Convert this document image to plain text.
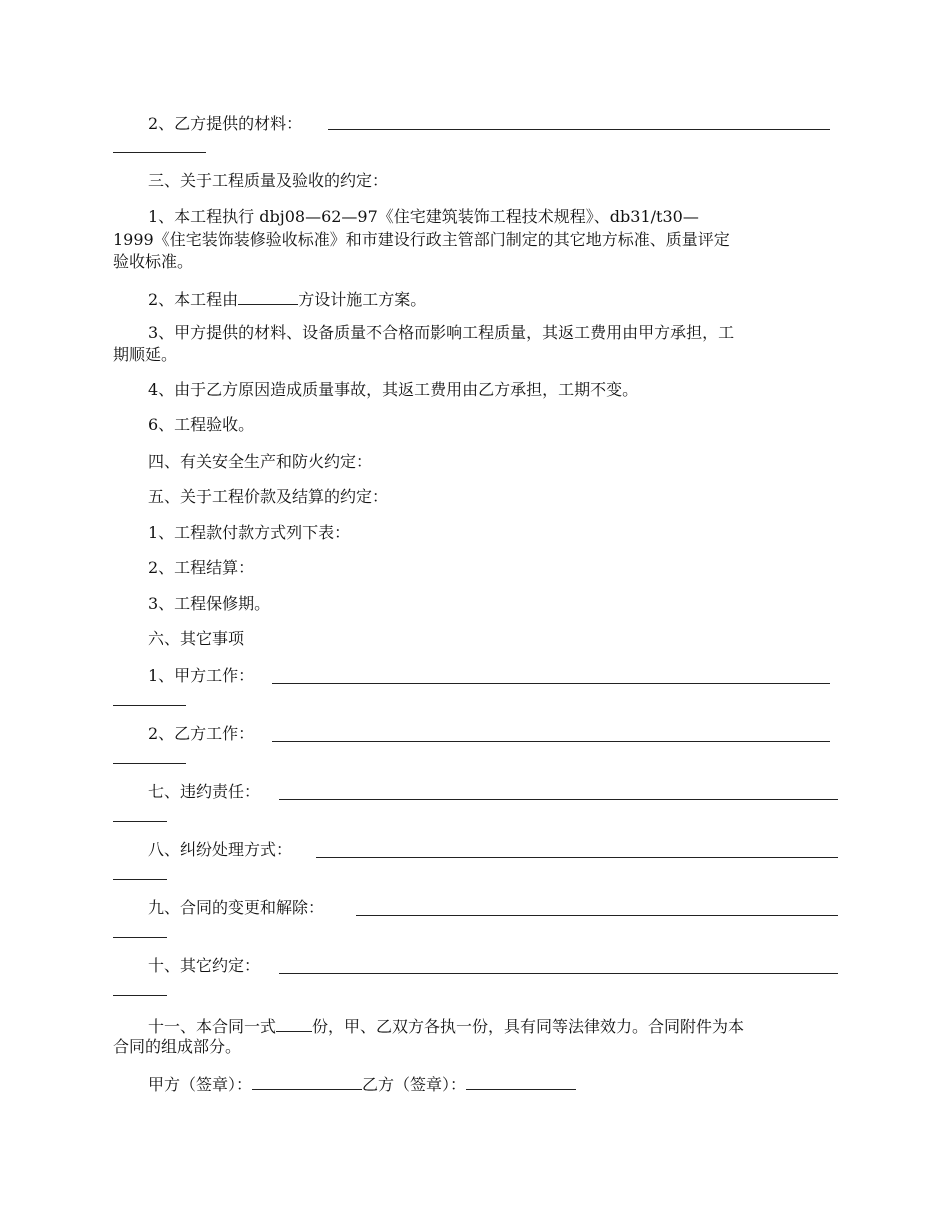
2、乙方提供的材料：
三、关于工程质量及验收的约定：
1、本工程执行 dbj08—62—97《住宅建筑装饰工程技术规程》、db31/t30—
1999《住宅装饰装修验收标准》和市建设行政主管部门制定的其它地方标准、质量评定
验收标准。
2、本工程由	方设计施工方案。
3、甲方提供的材料、设备质量不合格而影响工程质量，其返工费用由甲方承担，工
期顺延。
4、由于乙方原因造成质量事故，其返工费用由乙方承担，工期不变。
6、工程验收。
四、有关安全生产和防火约定：
五、关于工程价款及结算的约定：
1、工程款付款方式列下表：
2、工程结算：
3、工程保修期。
六、其它事项
1、甲方工作：
2、乙方工作：
七、违约责任：
八、纠纷处理方式：
九、合同的变更和解除：
十、其它约定：
十一、本合同一式 份，甲、乙双方各执一份，具有同等法律效力。合同附件为本
合同的组成部分。
甲方（签章）：	乙方（签章）：
